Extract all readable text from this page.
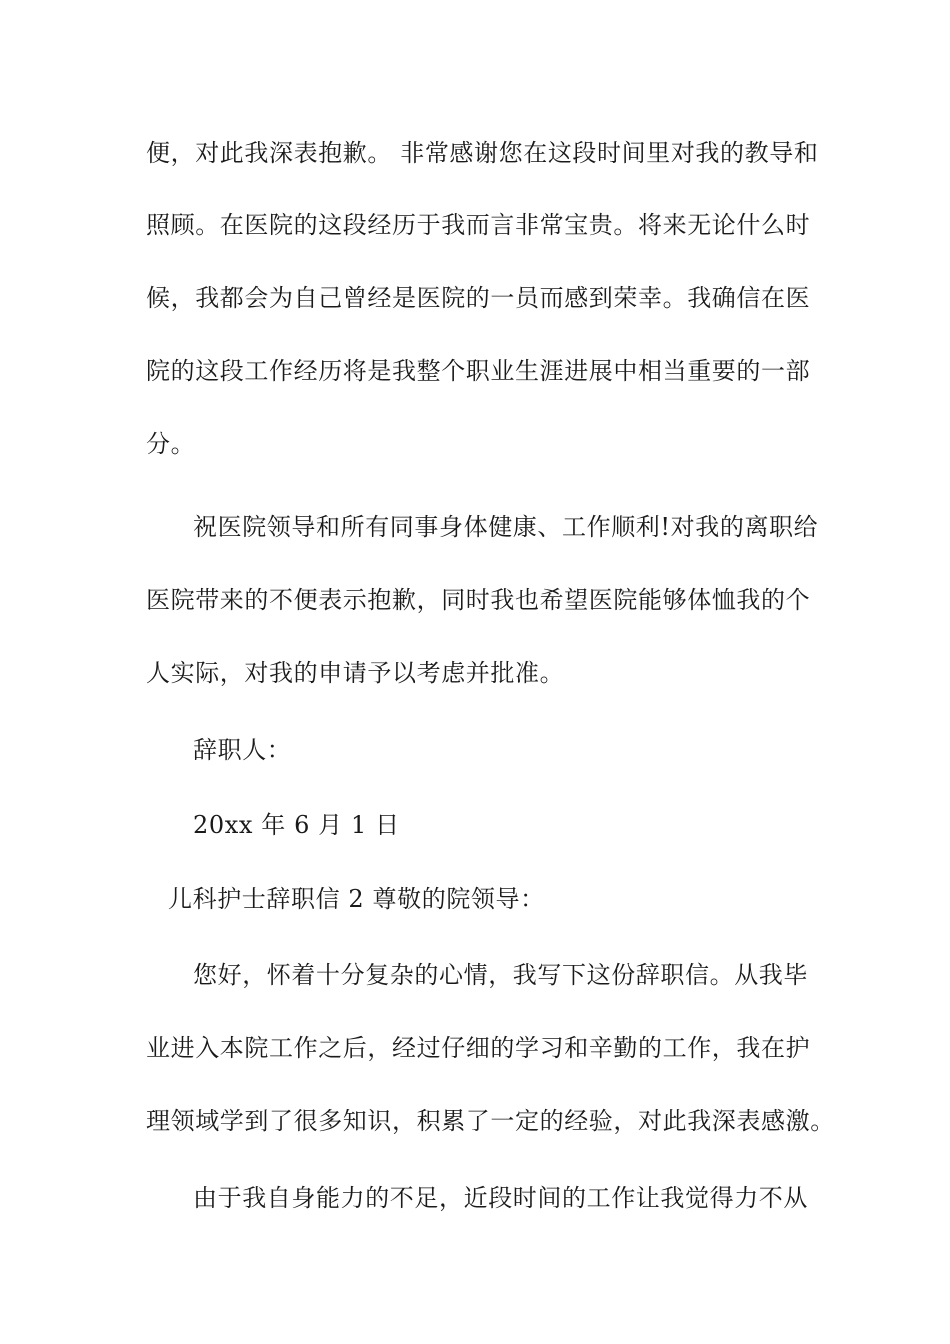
便，对此我深表抱歉。 非常感谢您在这段时间里对我的教导和
照顾。在医院的这段经历于我而言非常宝贵。将来无论什么时
候，我都会为自己曾经是医院的一员而感到荣幸。我确信在医
院的这段工作经历将是我整个职业生涯进展中相当重要的一部
分。
祝医院领导和所有同事身体健康、工作顺利!对我的离职给
医院带来的不便表示抱歉，同时我也希望医院能够体恤我的个
人实际，对我的申请予以考虑并批准。
辞职人：
20xx 年 6 月 1 日
儿科护士辞职信 2 尊敬的院领导：
您好，怀着十分复杂的心情，我写下这份辞职信。从我毕
业进入本院工作之后，经过仔细的学习和辛勤的工作，我在护
理领域学到了很多知识，积累了一定的经验，对此我深表感激。
由于我自身能力的不足，近段时间的工作让我觉得力不从
